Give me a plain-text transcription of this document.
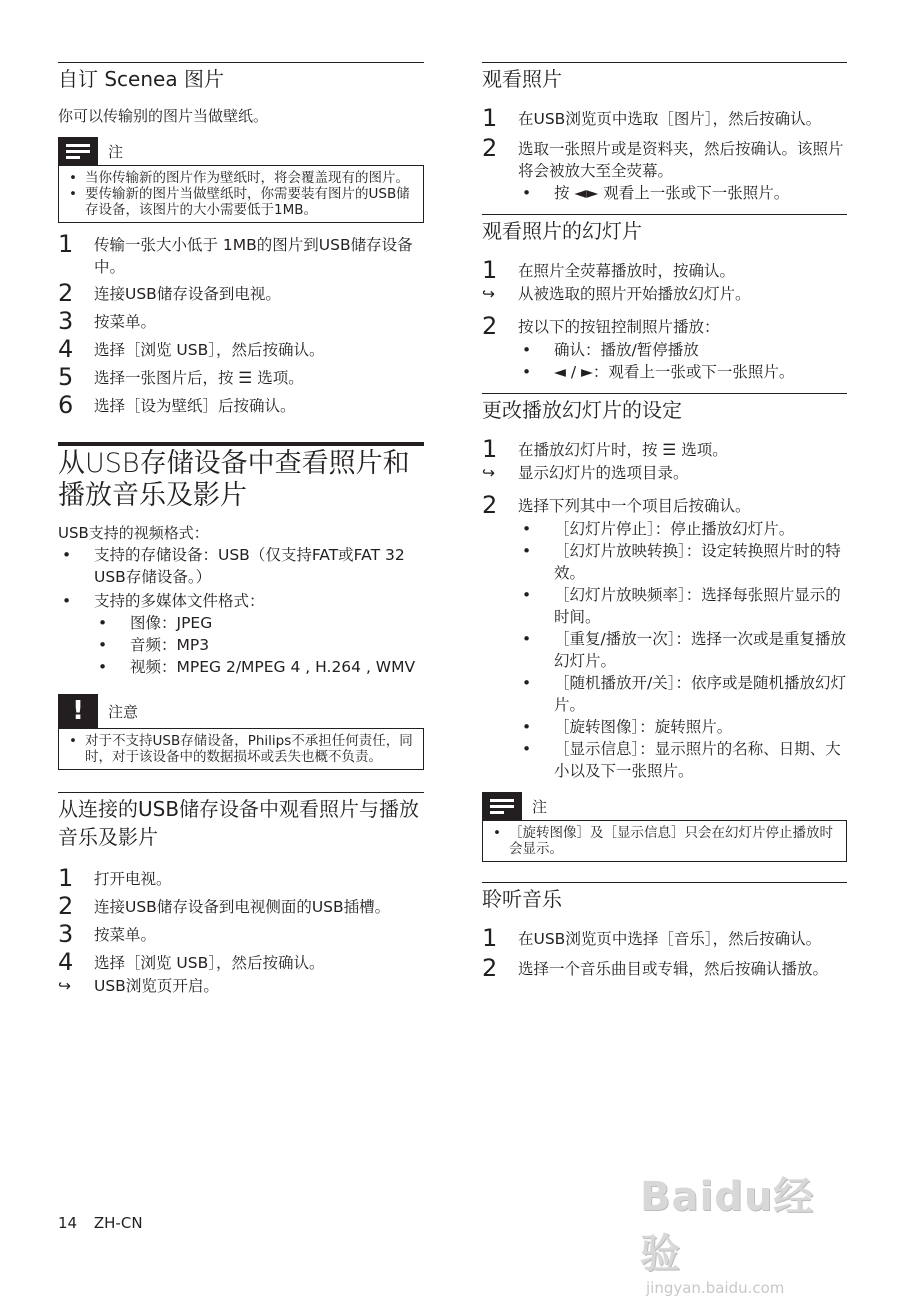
自订 Scenea 图片
你可以传输别的图片当做壁纸。
注
• 当你传输新的图片作为壁纸时，将会覆盖现有的图片。
• 要传输新的图片当做壁纸时，你需要装有图片的USB储存设备，该图片的大小需要低于1MB。
1	传输一张大小低于 1MB的图片到USB储存设备中。
2	连接USB储存设备到电视。
3	按菜单。
4	选择［浏览 USB］，然后按确认。
5	选择一张图片后，按 ☰ 选项。
6	选择［设为壁纸］后按确认。
从USB存储设备中查看照片和播放音乐及影片
USB支持的视频格式：
• 支持的存储设备：USB（仅支持FAT或FAT 32 USB存储设备。）
• 支持的多媒体文件格式：
• 图像：JPEG
• 音频：MP3
• 视频：MPEG 2/MPEG 4 , H.264 , WMV
!	注意
• 对于不支持USB存储设备，Philips不承担任何责任，同时，对于该设备中的数据损坏或丢失也概不负责。
从连接的USB储存设备中观看照片与播放音乐及影片
1	打开电视。
2	连接USB储存设备到电视侧面的USB插槽。
3	按菜单。
4	选择［浏览 USB］，然后按确认。
↪ USB浏览页开启。
观看照片
1	在USB浏览页中选取［图片］，然后按确认。
2	选取一张照片或是资料夹，然后按确认。该照片将会被放大至全荧幕。
• 按 ◄► 观看上一张或下一张照片。
观看照片的幻灯片
1	在照片全荧幕播放时，按确认。
↪ 从被选取的照片开始播放幻灯片。
2	按以下的按钮控制照片播放：
• 确认：播放/暂停播放
• ◄ / ►：观看上一张或下一张照片。
更改播放幻灯片的设定
1	在播放幻灯片时，按 ☰ 选项。
↪ 显示幻灯片的选项目录。
2	选择下列其中一个项目后按确认。
• ［幻灯片停止］：停止播放幻灯片。
• ［幻灯片放映转换］：设定转换照片时的特效。
• ［幻灯片放映频率］：选择每张照片显示的时间。
• ［重复/播放一次］：选择一次或是重复播放幻灯片。
• ［随机播放开/关］：依序或是随机播放幻灯片。
• ［旋转图像］：旋转照片。
• ［显示信息］：显示照片的名称、日期、大小以及下一张照片。
注
• ［旋转图像］及［显示信息］只会在幻灯片停止播放时会显示。
聆听音乐
1	在USB浏览页中选择［音乐］，然后按确认。
2	选择一个音乐曲目或专辑，然后按确认播放。
14 ZH-CN
Baidu经验
jingyan.baidu.com
